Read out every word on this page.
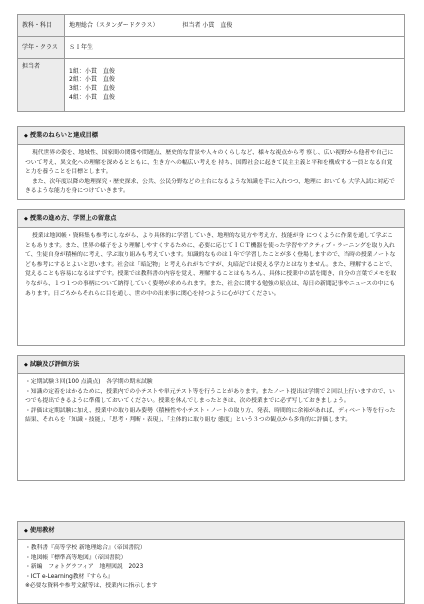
教科・科目	地理総合（スタンダードクラス） 担当者 小貫　直俊
学年・クラス	ＳＩ年生
担当者	1組：小貫　直俊
2組：小貫　直俊
3組：小貫　直俊
4組：小貫　直俊
◆ 授業のねらいと達成目標

現代世界の姿を、地域性、国家間の関係や問題点、歴史的な背景や人々のくらしなど、様々な視点から考 察し、広い視野から他者や自己について考え、異文化への理解を深めるとともに、生き方への幅広い考えを 持ち、国際社会に起きて民主主義と平和を構成する一員となる自覚と力を養うことを目標とします。

また、次年度以降の地理探究・歴史探求、公共、公民分野などの土台になるような知識を手に入れつつ、地理に おいても 大学入試に対応できるような能力を身につけていきます。

◆ 授業の進め方、学習上の留意点

授業は地図帳・資料集も参考にしながら、より具体的に学習していき、地理的な見方や考え方、技能が身 につくように作業を通して学ぶこともあります。また、世界の様子をより理解しやすくするために、必要に応じてＩＣＴ機器を使った学習やアクティブ・ラーニングを取り入れて、生徒自身が積極的に考え、学ぶ取り組みも考えています。知識的なものは１年で学習したことが多く登場しますので、当時の授業ノートなども参考にするとよいと思います。社会は「暗記物」と考えられがちですが、丸暗記では使える学力とはなりません。また、理解することで、覚えることも容易になるはずです。授業では教科書の内容を覚え、理解することはもちろん、具体に授業中の話を聞き、自分の言葉でメモを取りながら、１つ１つの事柄について納得していく姿勢が求められます。また、社会に関する勉強の原点は、毎日の新聞記事やニュースの中にもあります。日ごろからそれらに目を通し、世の中の出来事に関心を持つように心がけてください。

◆ 試験及び評価方法
・定期試験３回(100 点満点)　各学期の期末試験
・知識の定着をはかるために、授業内での小テストや単元テスト等を行うことがあります。またノート提出は学期で２回以上行いますので、いつでも提出できるように準備しておいてください。授業を休んでしまったときは、次の授業までに必ず写しておきましょう。
・評価は定期試験に加え、授業中の取り組み姿勢（積極性や小テスト・ノートの取り方、発表、時間的に余裕があれば、ディベート等を行った結果、それらを「知識・技能」、「思考・判断・表現」、「主体的に取り組む 態度」という３つの観点から多角的に評価します。
◆ 使用教材
・教科書『高等学校 新地理総合』（帝国書院）
・地図帳『標準高等地図』（帝国書院）
・新編　フォトグラフィア　地理図説　2023
・ICT e-Learning教材『すらら』
※必要な資料や参考文献等は、授業内に指示します
